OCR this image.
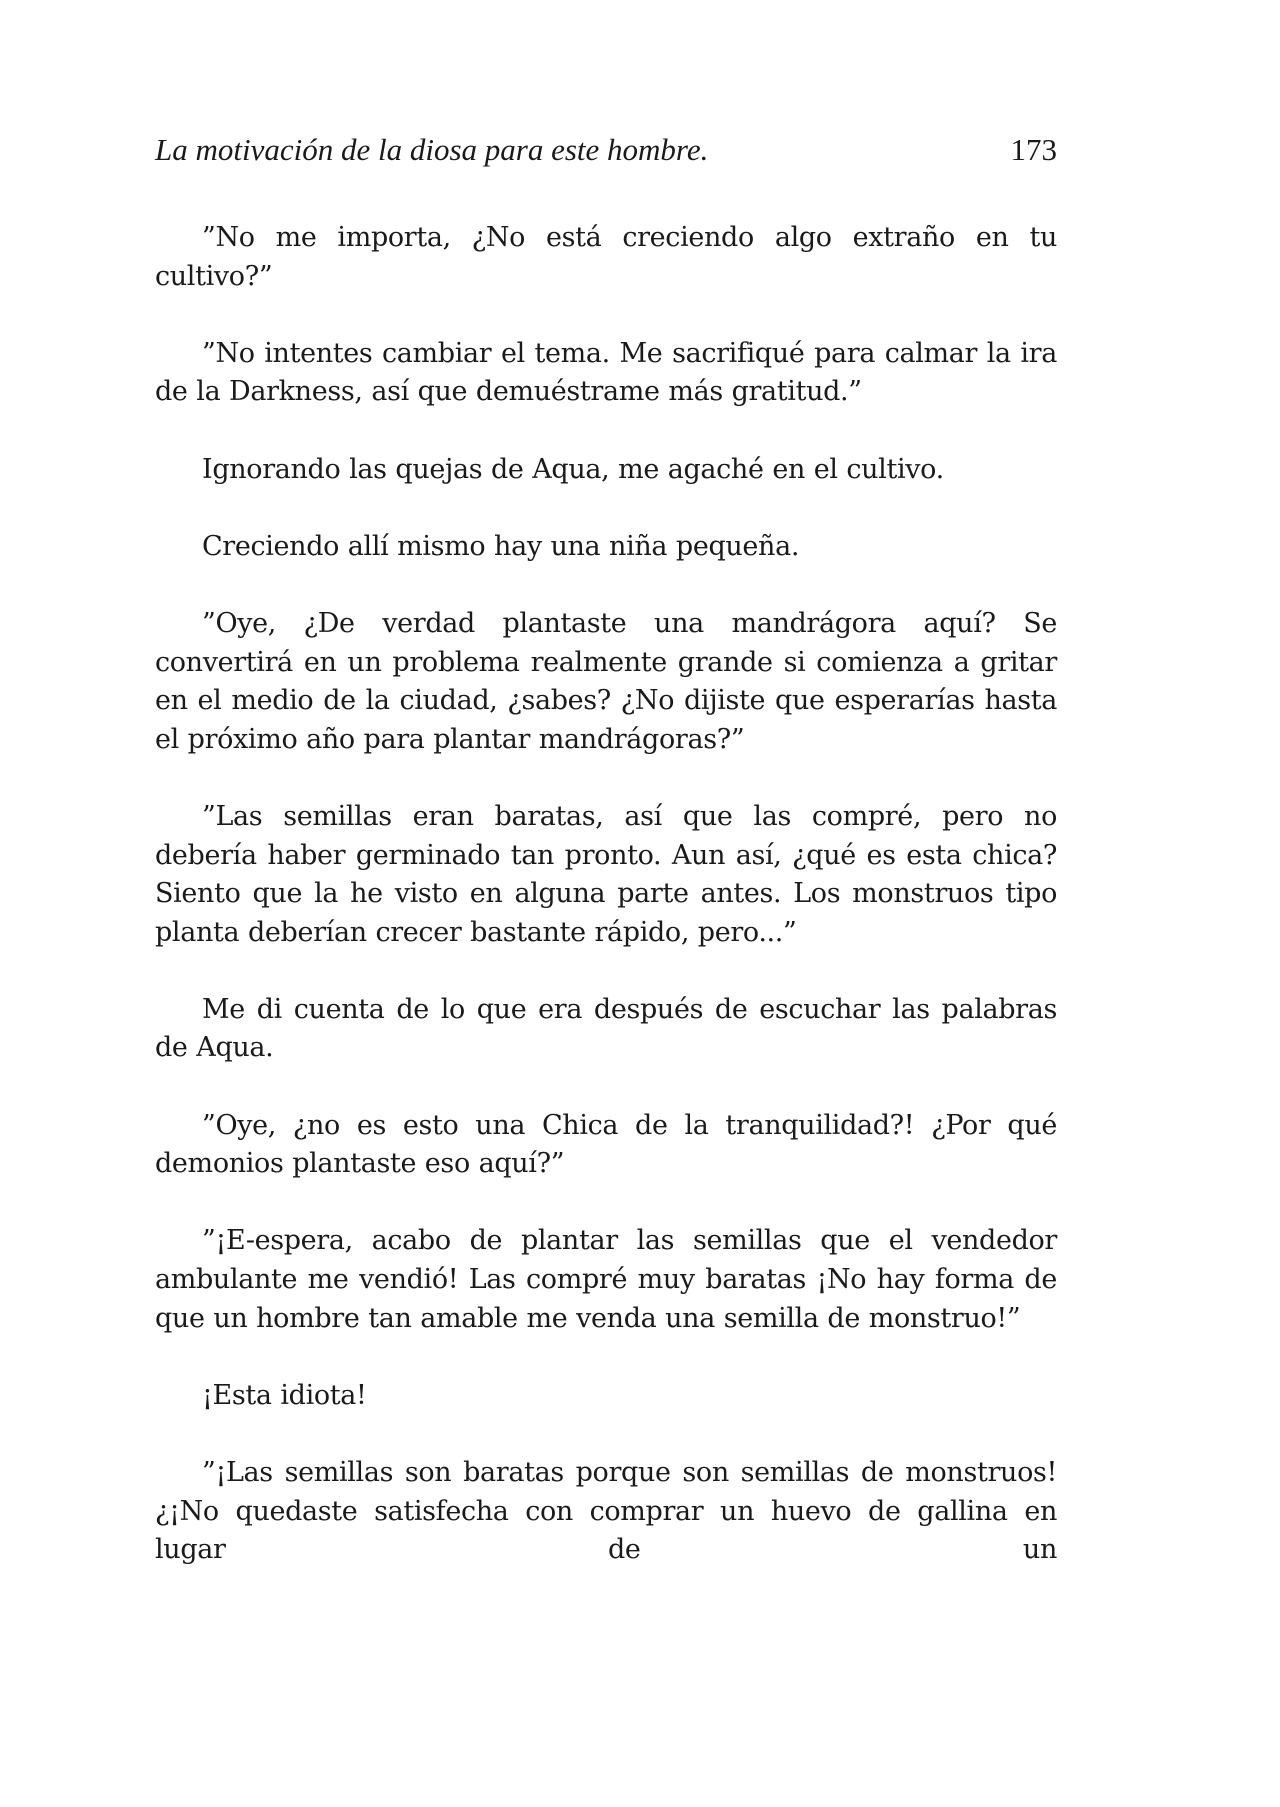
La motivación de la diosa para este hombre.	173

”No me importa, ¿No está creciendo algo extraño en tu cultivo?”

”No intentes cambiar el tema. Me sacrifiqué para calmar la ira de la Darkness, así que demuéstrame más gratitud.”

Ignorando las quejas de Aqua, me agaché en el cultivo.

Creciendo allí mismo hay una niña pequeña.

”Oye, ¿De verdad plantaste una mandrágora aquí? Se convertirá en un problema realmente grande si comienza a gritar en el medio de la ciudad, ¿sabes? ¿No dijiste que esperarías hasta el próximo año para plantar mandrágoras?”

”Las semillas eran baratas, así que las compré, pero no debería haber germinado tan pronto. Aun así, ¿qué es esta chica? Siento que la he visto en alguna parte antes. Los monstruos tipo planta deberían crecer bastante rápido, pero...”

Me di cuenta de lo que era después de escuchar las palabras de Aqua.

”Oye, ¿no es esto una Chica de la tranquilidad?! ¿Por qué demonios plantaste eso aquí?”

”¡E-espera, acabo de plantar las semillas que el vendedor ambulante me vendió! Las compré muy baratas ¡No hay forma de que un hombre tan amable me venda una semilla de monstruo!”

¡Esta idiota!

”¡Las semillas son baratas porque son semillas de monstruos! ¿¡No quedaste satisfecha con comprar un huevo de gallina en lugar de un
